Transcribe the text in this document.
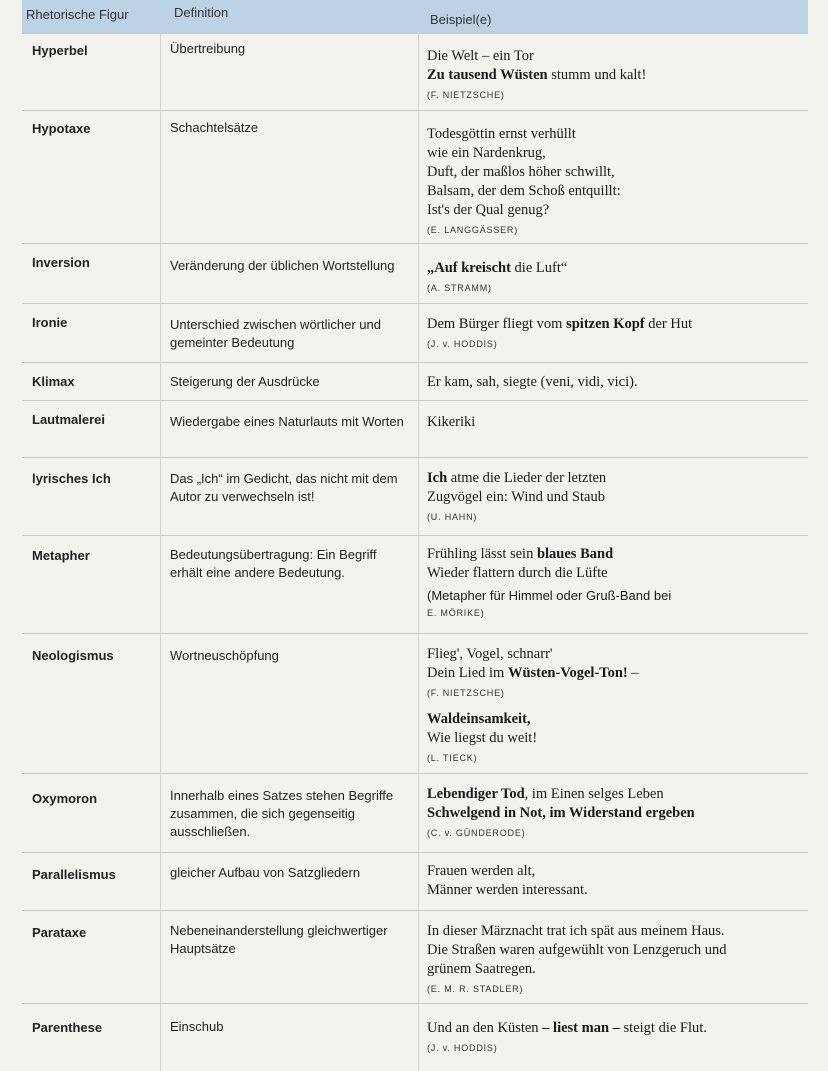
Rhetorische Figur	Definition	Beispiel(e)
Hyperbel	Übertreibung	Die Welt – ein Tor
Zu tausend Wüsten stumm und kalt!
(F. NIETZSCHE)
Hypotaxe	Schachtelsätze	Todesgöttin ernst verhüllt
wie ein Nardenkrug,
Duft, der maßlos höher schwillt,
Balsam, der dem Schoß entquillt:
Ist's der Qual genug?
(E. LANGGÄSSER)
Inversion	Veränderung der üblichen Wortstellung	„Auf kreischt die Luft“
(A. STRAMM)
Ironie	Unterschied zwischen wörtlicher und gemeinter Bedeutung
Dem Bürger fliegt vom spitzen Kopf der Hut
(J. v. HODDIS)
Klimax	Steigerung der Ausdrücke	Er kam, sah, siegte (veni, vidi, vici).
Lautmalerei	Wiedergabe eines Naturlauts mit Worten	Kikeriki
lyrisches Ich	Das „Ich“ im Gedicht, das nicht mit dem Autor zu verwechseln ist!
Ich atme die Lieder der letzten
Zugvögel ein: Wind und Staub
(U. HAHN)
Metapher	Bedeutungsübertragung: Ein Begriff erhält eine andere Bedeutung.
Frühling lässt sein blaues Band
Wieder flattern durch die Lüfte
(Metapher für Himmel oder Gruß-Band bei
E. MÖRIKE)
Neologismus	Wortneuschöpfung	Flieg', Vogel, schnarr'
Dein Lied im Wüsten-Vogel-Ton! –
(F. NIETZSCHE)
Waldeinsamkeit,
Wie liegst du weit!
(L. TIECK)
Oxymoron	Innerhalb eines Satzes stehen Begriffe zusammen, die sich gegenseitig ausschließen.
Lebendiger Tod, im Einen selges Leben
Schwelgend in Not, im Widerstand ergeben
(C. v. GÜNDERODE)
Parallelismus	gleicher Aufbau von Satzgliedern	Frauen werden alt,
Männer werden interessant.
Parataxe	Nebeneinanderstellung gleichwertiger Hauptsätze
In dieser Märznacht trat ich spät aus meinem Haus.
Die Straßen waren aufgewühlt von Lenzgeruch und
grünem Saatregen.
(E. M. R. STADLER)
Parenthese	Einschub	Und an den Küsten – liest man – steigt die Flut.
(J. v. HODDIS)
